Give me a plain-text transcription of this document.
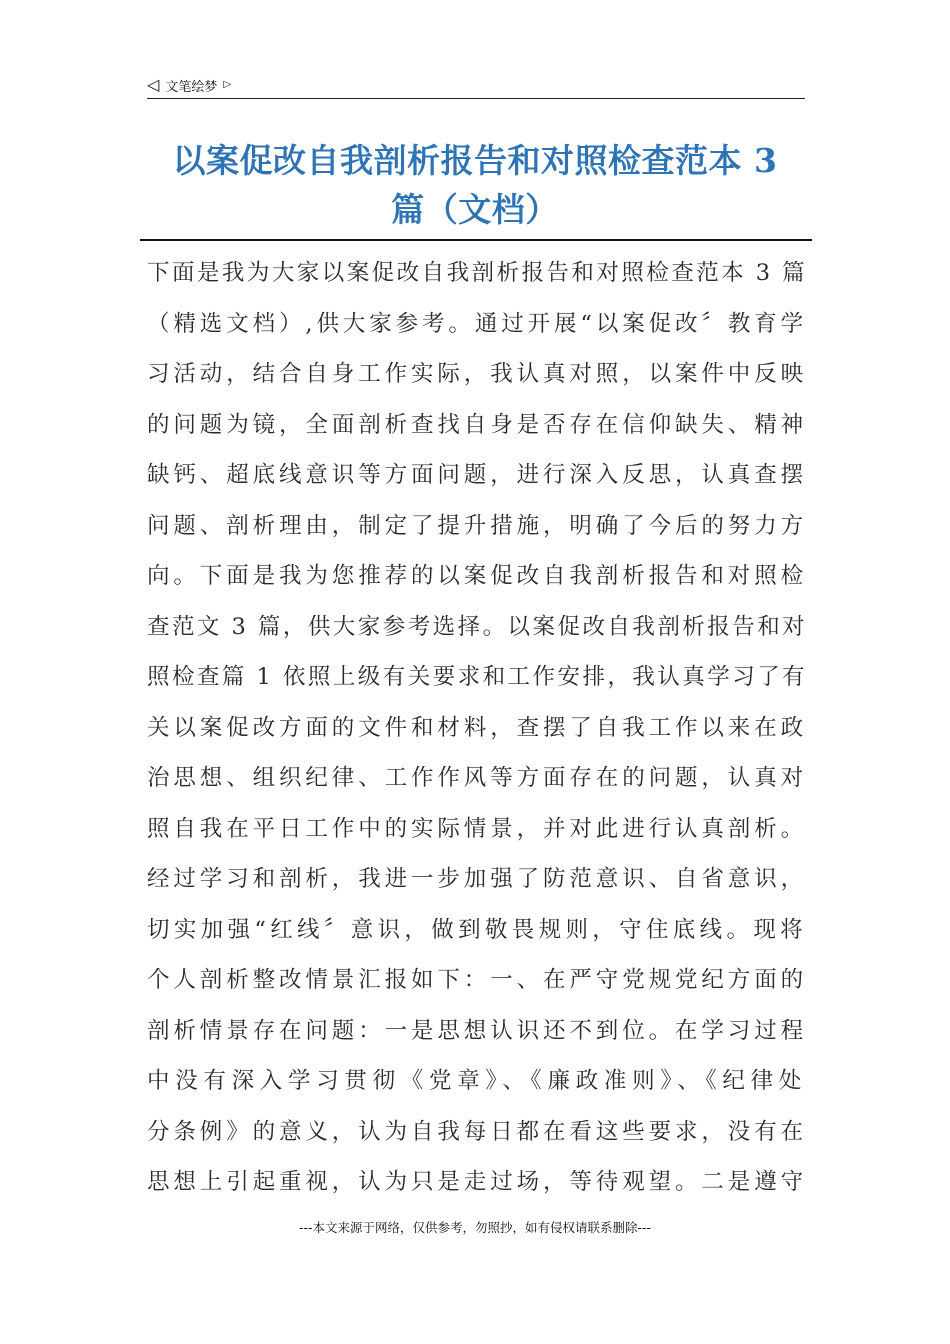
◁ 文笔绘梦 ▷
以案促改自我剖析报告和对照检查范本 3
篇（文档）
下面是我为大家以案促改自我剖析报告和对照检查范本 3 篇
（精选文档）,供大家参考。通过开展“以案促改〞教育学
习活动，结合自身工作实际，我认真对照，以案件中反映
的问题为镜，全面剖析查找自身是否存在信仰缺失、精神
缺钙、超底线意识等方面问题，进行深入反思，认真查摆
问题、剖析理由，制定了提升措施，明确了今后的努力方
向。下面是我为您推荐的以案促改自我剖析报告和对照检
查范文 3 篇，供大家参考选择。以案促改自我剖析报告和对
照检查篇 1 依照上级有关要求和工作安排，我认真学习了有
关以案促改方面的文件和材料，查摆了自我工作以来在政
治思想、组织纪律、工作作风等方面存在的问题，认真对
照自我在平日工作中的实际情景，并对此进行认真剖析。
经过学习和剖析，我进一步加强了防范意识、自省意识，
切实加强“红线〞意识，做到敬畏规则，守住底线。现将
个人剖析整改情景汇报如下：一、在严守党规党纪方面的
剖析情景存在问题：一是思想认识还不到位。在学习过程
中没有深入学习贯彻《党章》、《廉政准则》、《纪律处
分条例》的意义，认为自我每日都在看这些要求，没有在
思想上引起重视，认为只是走过场，等待观望。二是遵守
---本文来源于网络，仅供参考，勿照抄，如有侵权请联系删除---
